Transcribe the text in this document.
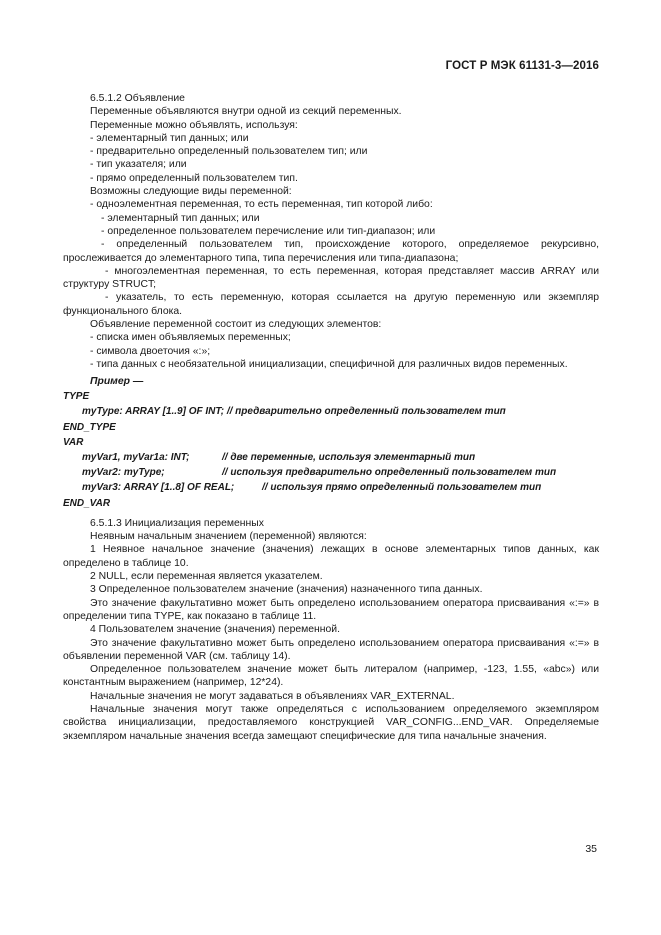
ГОСТ Р МЭК 61131-3—2016

6.5.1.2 Объявление

Переменные объявляются внутри одной из секций переменных.

Переменные можно объявлять, используя:

- элементарный тип данных; или

- предварительно определенный пользователем тип; или

- тип указателя; или

- прямо определенный пользователем тип.

Возможны следующие виды переменной:

- одноэлементная переменная, то есть переменная, тип которой либо:

- элементарный тип данных; или

- определенное пользователем перечисление или тип-диапазон; или

- определенный пользователем тип, происхождение которого, определяемое рекурсивно, прослеживается до элементарного типа, типа перечисления или типа-диапазона;

- многоэлементная переменная, то есть переменная, которая представляет массив ARRAY или структуру STRUCT;

- указатель, то есть переменную, которая ссылается на другую переменную или экземпляр функционального блока.

Объявление переменной состоит из следующих элементов:

- списка имен объявляемых переменных;

- символа двоеточия «:»;

- типа данных с необязательной инициализации, специфичной для различных видов переменных.

Пример —

TYPE

myType: ARRAY [1..9] OF INT; // предварительно определенный пользователем тип

END_TYPE

VAR

myVar1, myVar1a: INT;	// две переменные, используя элементарный тип
myVar2: myType;	// используя предварительно определенный пользователем тип
myVar3: ARRAY [1..8] OF REAL;	// используя прямо определенный пользователем тип

END_VAR

6.5.1.3 Инициализация переменных

Неявным начальным значением (переменной) являются:

1 Неявное начальное значение (значения) лежащих в основе элементарных типов данных, как определено в таблице 10.

2 NULL, если переменная является указателем.

3 Определенное пользователем значение (значения) назначенного типа данных.

Это значение факультативно может быть определено использованием оператора присваивания «:=» в определении типа TYPE, как показано в таблице 11.

4 Пользователем значение (значения) переменной.

Это значение факультативно может быть определено использованием оператора присваивания «:=» в объявлении переменной VAR (см. таблицу 14).

Определенное пользователем значение может быть литералом (например, -123, 1.55, «abc») или константным выражением (например, 12*24).

Начальные значения не могут задаваться в объявлениях VAR_EXTERNAL.

Начальные значения могут также определяться с использованием определяемого экземпляром свойства инициализации, предоставляемого конструкцией VAR_CONFIG...END_VAR. Определяемые экземпляром начальные значения всегда замещают специфические для типа начальные значения.

35
